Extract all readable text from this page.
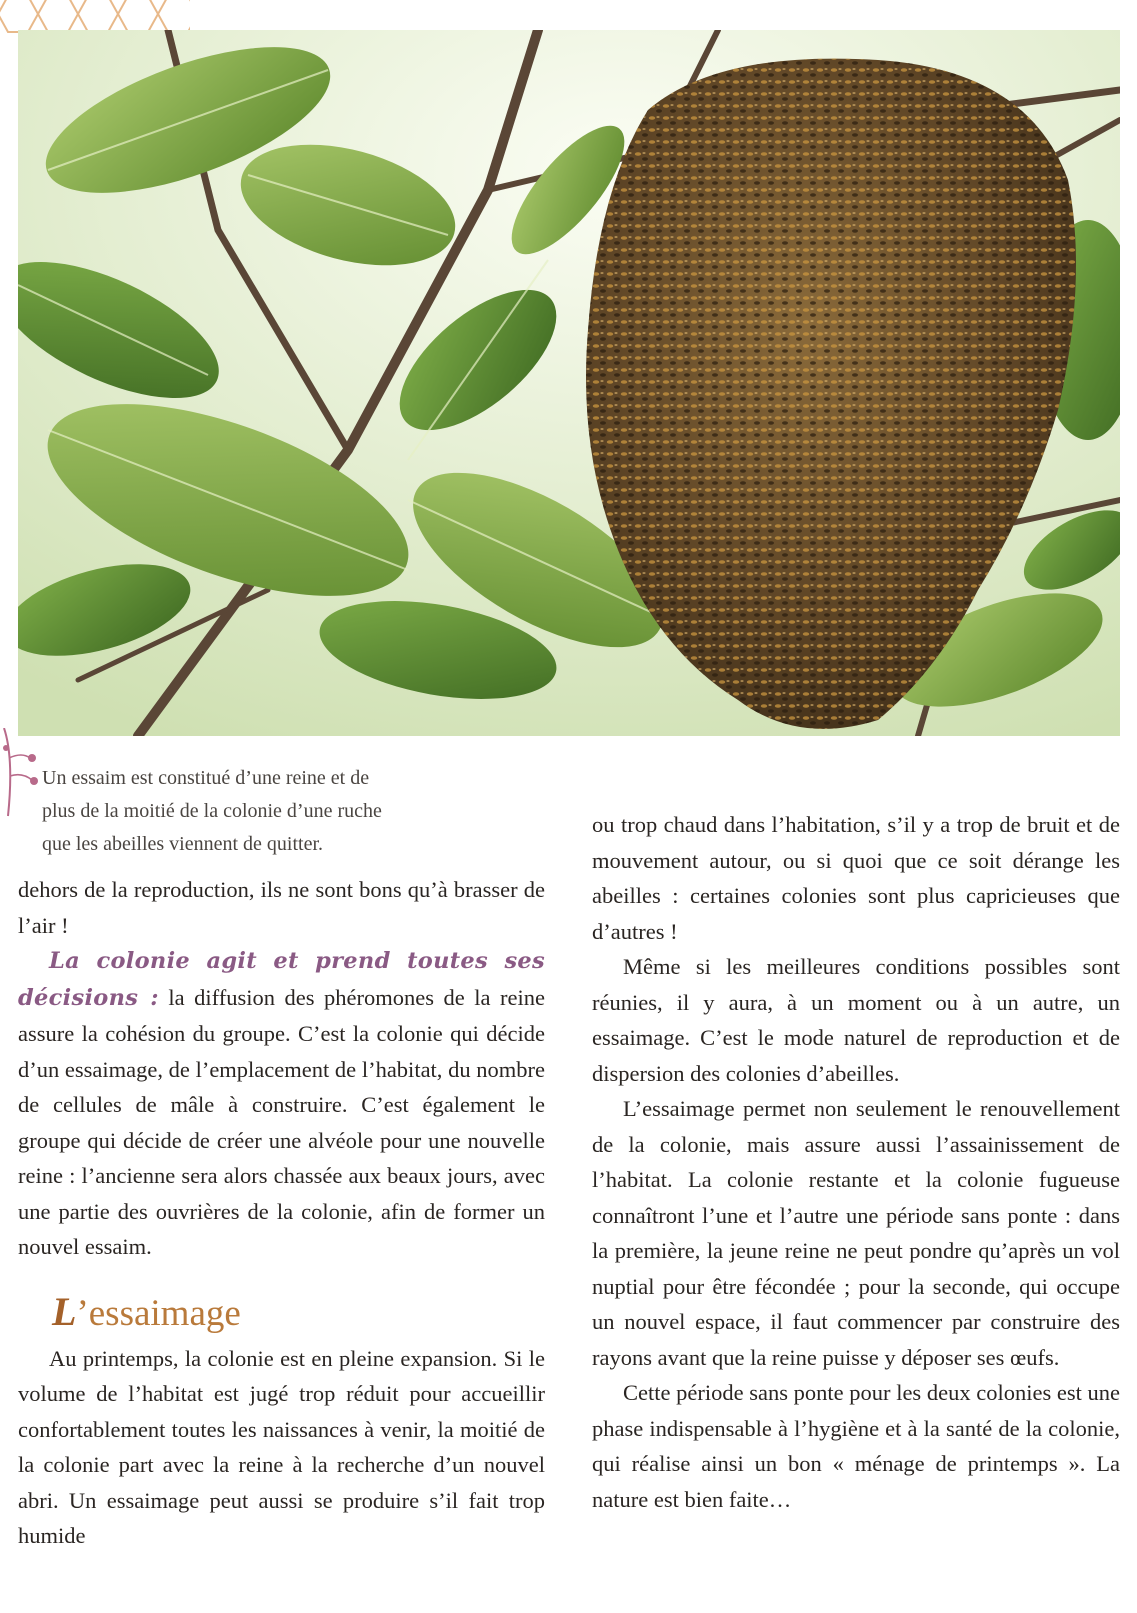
Un essaim est constitué d’une reine et de
plus de la moitié de la colonie d’une ruche
que les abeilles viennent de quitter.

dehors de la reproduction, ils ne sont bons qu’à brasser de l’air !

La colonie agit et prend toutes ses décisions : la diffusion des phéromones de la reine assure la cohésion du groupe. C’est la colonie qui décide d’un essaimage, de l’emplacement de l’habitat, du nombre de cellules de mâle à construire. C’est également le groupe qui décide de créer une alvéole pour une nouvelle reine : l’ancienne sera alors chassée aux beaux jours, avec une partie des ouvrières de la colonie, afin de former un nouvel essaim.

L’essaimage

Au printemps, la colonie est en pleine expansion. Si le volume de l’habitat est jugé trop réduit pour accueillir confortablement toutes les naissances à venir, la moitié de la colonie part avec la reine à la recherche d’un nouvel abri. Un essaimage peut aussi se produire s’il fait trop humide

ou trop chaud dans l’habitation, s’il y a trop de bruit et de mouvement autour, ou si quoi que ce soit dérange les abeilles : certaines colonies sont plus capricieuses que d’autres !

Même si les meilleures conditions possibles sont réunies, il y aura, à un moment ou à un autre, un essaimage. C’est le mode naturel de reproduction et de dispersion des colonies d’abeilles.

L’essaimage permet non seulement le renouvellement de la colonie, mais assure aussi l’assainissement de l’habitat. La colonie restante et la colonie fugueuse connaîtront l’une et l’autre une période sans ponte : dans la première, la jeune reine ne peut pondre qu’après un vol nuptial pour être fécondée ; pour la seconde, qui occupe un nouvel espace, il faut commencer par construire des rayons avant que la reine puisse y déposer ses œufs.

Cette période sans ponte pour les deux colonies est une phase indispensable à l’hygiène et à la santé de la colonie, qui réalise ainsi un bon « ménage de printemps ». La nature est bien faite…
